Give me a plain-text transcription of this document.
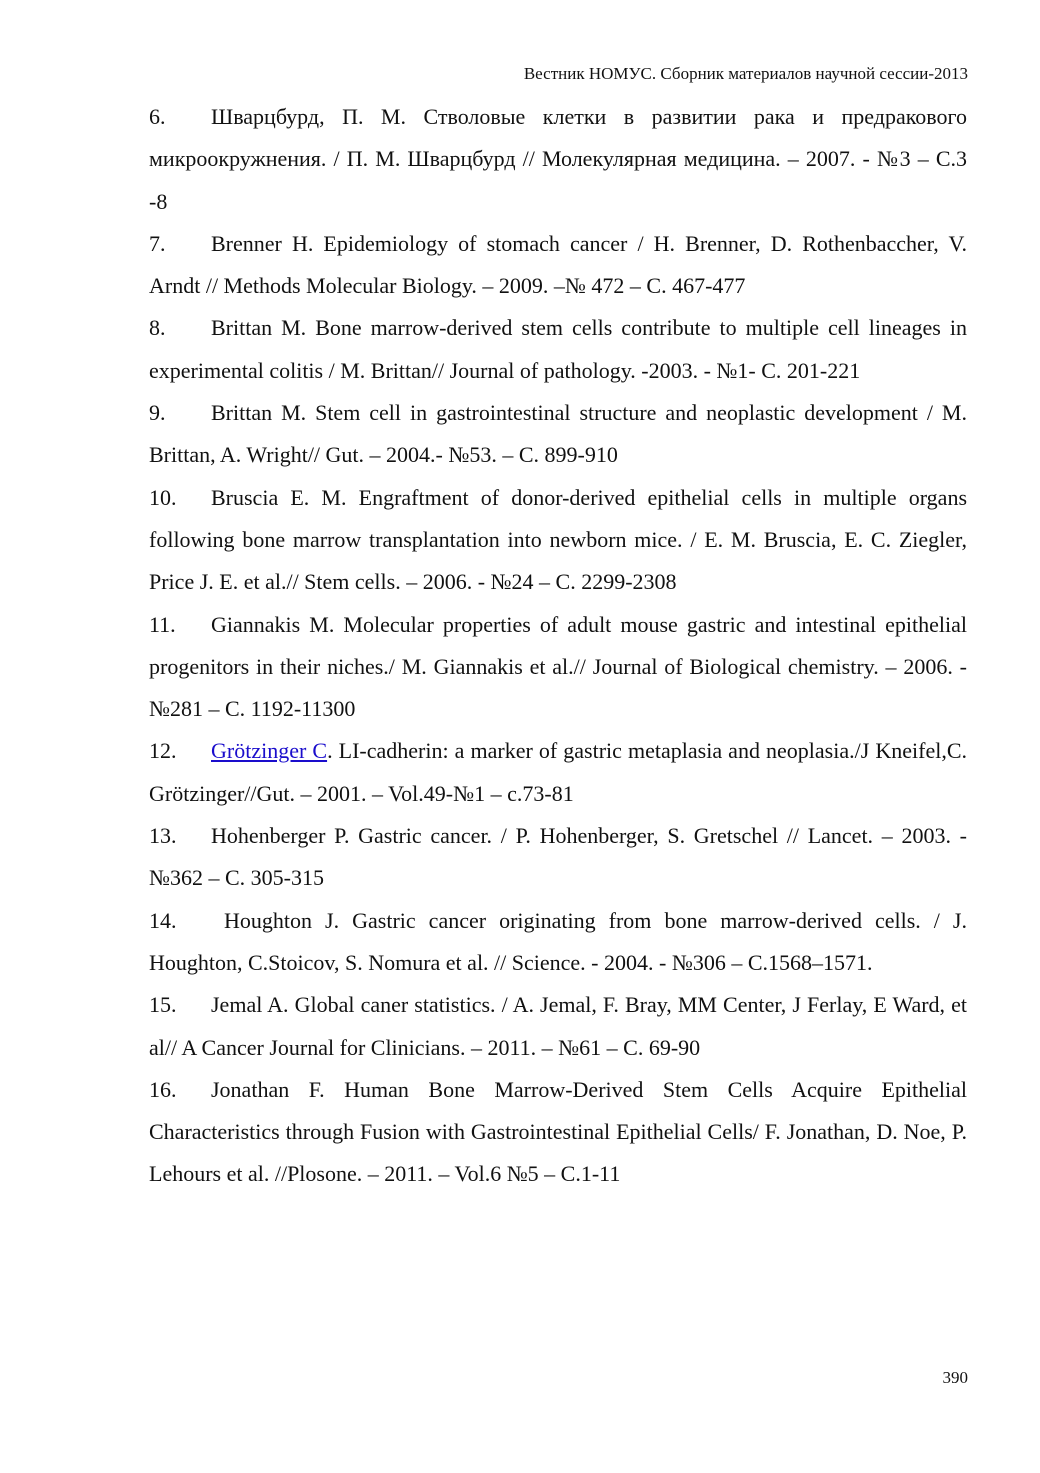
Вестник НОМУС. Сборник материалов научной сессии-2013
6. Шварцбурд, П. М. Стволовые клетки в развитии рака и предракового микроокружнения. / П. М. Шварцбурд // Молекулярная медицина. – 2007. - №3 – С.3 -8
7. Brenner H. Epidemiology of stomach cancer / H. Brenner, D. Rothenbaccher, V. Arndt // Methods Molecular Biology. – 2009. –№ 472 – С. 467-477
8. Brittan M. Bone marrow-derived stem cells contribute to multiple cell lineages in experimental colitis / M. Brittan// Journal of pathology. -2003. - №1- С. 201-221
9. Brittan M. Stem cell in gastrointestinal structure and neoplastic development / M. Brittan, A. Wright// Gut. – 2004.- №53. – С. 899-910
10. Bruscia E. M. Engraftment of donor-derived epithelial cells in multiple organs following bone marrow transplantation into newborn mice. / E. M. Bruscia, E. C. Ziegler, Price J. E. et al.// Stem cells. – 2006. - №24 – С. 2299-2308
11. Giannakis M. Molecular properties of adult mouse gastric and intestinal epithelial progenitors in their niches./ M. Giannakis et al.// Journal of Biological chemistry. – 2006. - №281 – С. 1192-11300
12. Grötzinger C. LI-cadherin: a marker of gastric metaplasia and neoplasia./J Kneifel,C. Grötzinger//Gut. – 2001. – Vol.49-№1 – с.73-81
13. Hohenberger P. Gastric cancer. / P. Hohenberger, S. Gretschel // Lancet. – 2003. - №362 – С. 305-315
14. Houghton J. Gastric cancer originating from bone marrow-derived cells. / J. Houghton, C.Stoicov, S. Nomura et al. // Science. - 2004. - №306 – С.1568–1571.
15. Jemal A. Global caner statistics. / A. Jemal, F. Bray, MM Center, J Ferlay, E Ward, et al// A Cancer Journal for Clinicians. – 2011. – №61 – С. 69-90
16. Jonathan F. Human Bone Marrow-Derived Stem Cells Acquire Epithelial Characteristics through Fusion with Gastrointestinal Epithelial Cells/ F. Jonathan, D. Noe, P. Lehours et al. //Plosone. – 2011. – Vol.6 №5 – С.1-11
390
